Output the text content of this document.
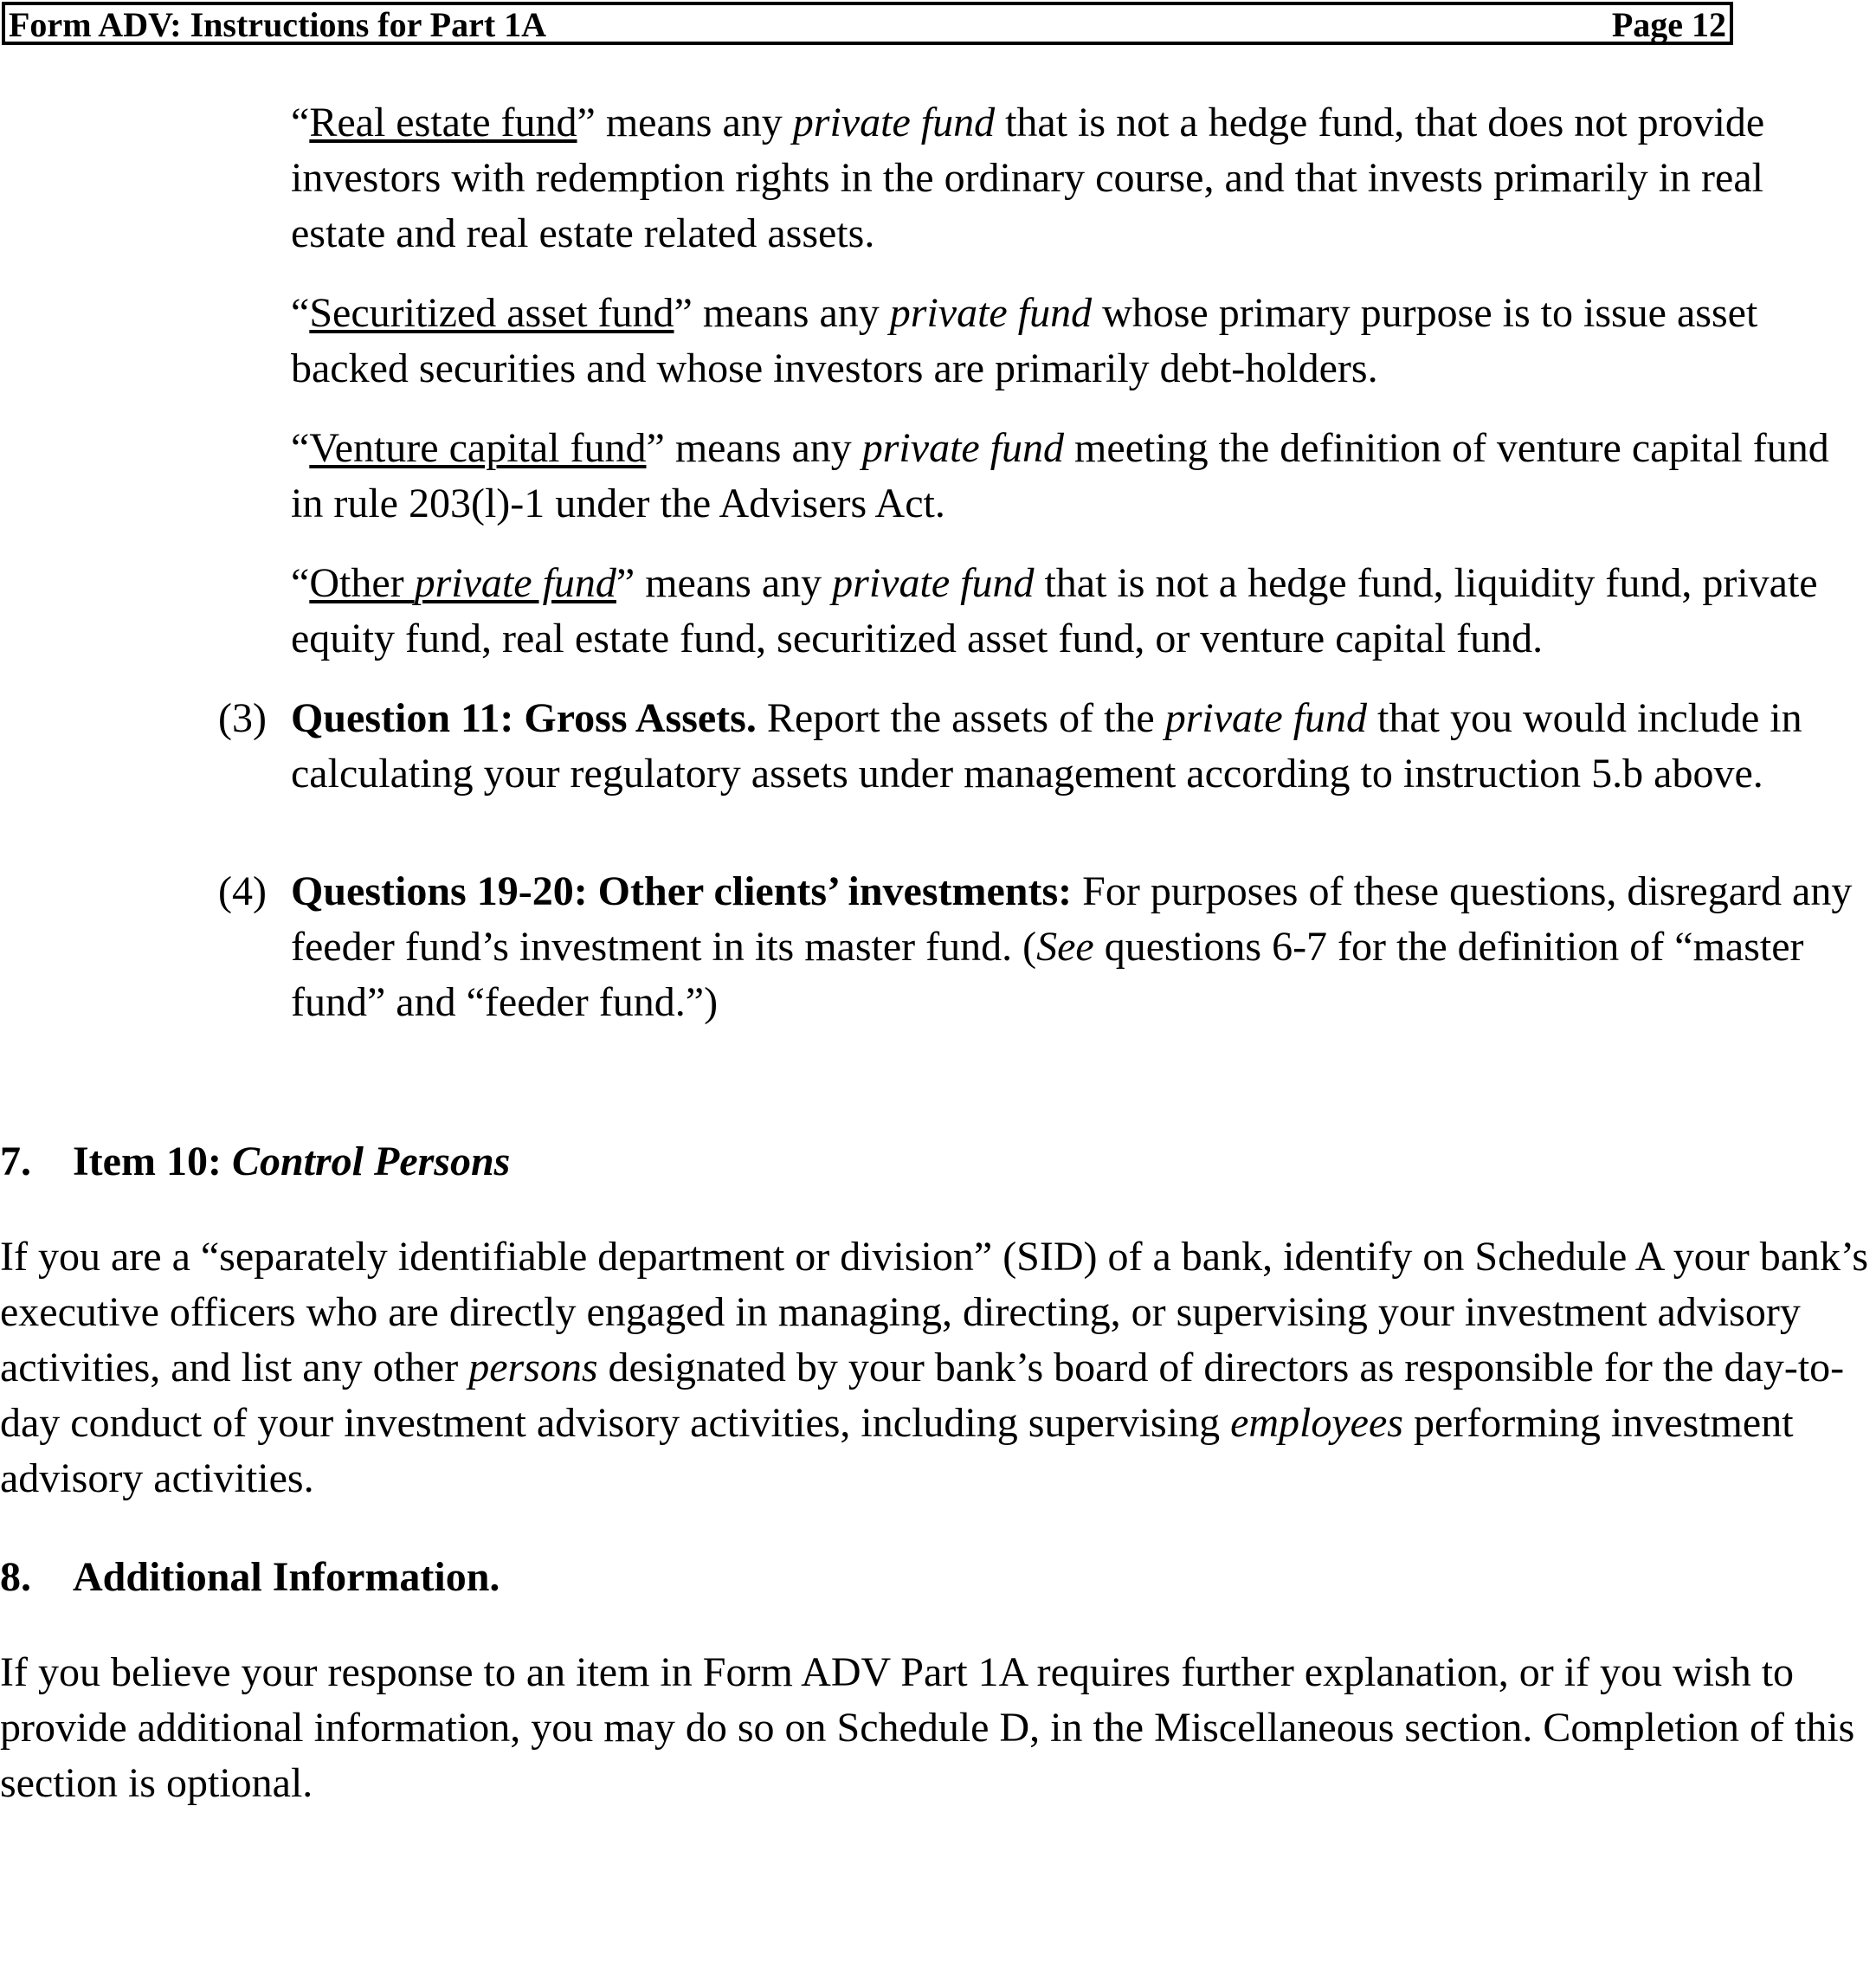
Form ADV: Instructions for Part 1A	Page 12

“Real estate fund” means any private fund that is not a hedge fund, that does not provide investors with redemption rights in the ordinary course, and that invests primarily in real estate and real estate related assets.

“Securitized asset fund” means any private fund whose primary purpose is to issue asset backed securities and whose investors are primarily debt-holders.

“Venture capital fund” means any private fund meeting the definition of venture capital fund in rule 203(l)-1 under the Advisers Act.

“Other private fund” means any private fund that is not a hedge fund, liquidity fund, private equity fund, real estate fund, securitized asset fund, or venture capital fund.

(3) Question 11: Gross Assets. Report the assets of the private fund that you would include in calculating your regulatory assets under management according to instruction 5.b above.
(4) Questions 19-20: Other clients’ investments: For purposes of these questions, disregard any feeder fund’s investment in its master fund. (See questions 6-7 for the definition of “master fund” and “feeder fund.”)
7. Item 10: Control Persons

If you are a “separately identifiable department or division” (SID) of a bank, identify on Schedule A your bank’s executive officers who are directly engaged in managing, directing, or supervising your investment advisory activities, and list any other persons designated by your bank’s board of directors as responsible for the day-to-day conduct of your investment advisory activities, including supervising employees performing investment advisory activities.

8. Additional Information.

If you believe your response to an item in Form ADV Part 1A requires further explanation, or if you wish to provide additional information, you may do so on Schedule D, in the Miscellaneous section. Completion of this section is optional.
